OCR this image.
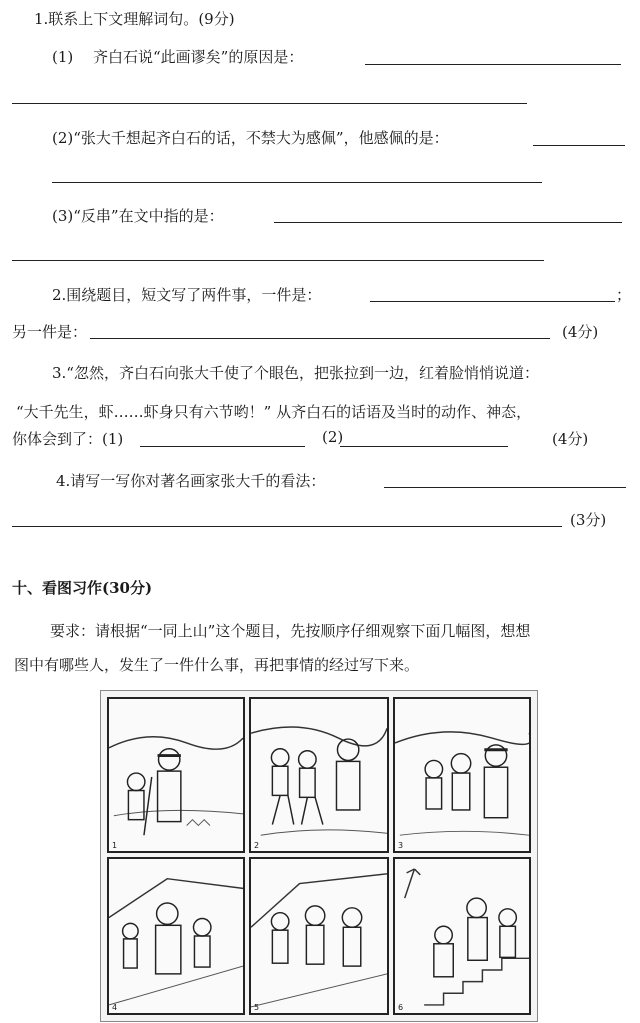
1.联系上下文理解词句。(9分)
(1)　 齐白石说“此画谬矣”的原因是：
(2)“张大千想起齐白石的话，不禁大为感佩”，他感佩的是：
(3)“反串”在文中指的是：
2.围绕题目，短文写了两件事，一件是：	；
另一件是：	(4分)
3.“忽然，齐白石向张大千使了个眼色，把张拉到一边，红着脸悄悄说道：
“大千先生，虾……虾身只有六节哟！” 从齐白石的话语及当时的动作、神态，
你体会到了：(1)	(2)	(4分)
4.请写一写你对著名画家张大千的看法：
(3分)
十、看图习作(30分)
要求：请根据“一同上山”这个题目，先按顺序仔细观察下面几幅图，想想
图中有哪些人，发生了一件什么事，再把事情的经过写下来。
1	2	3
4	5	6
